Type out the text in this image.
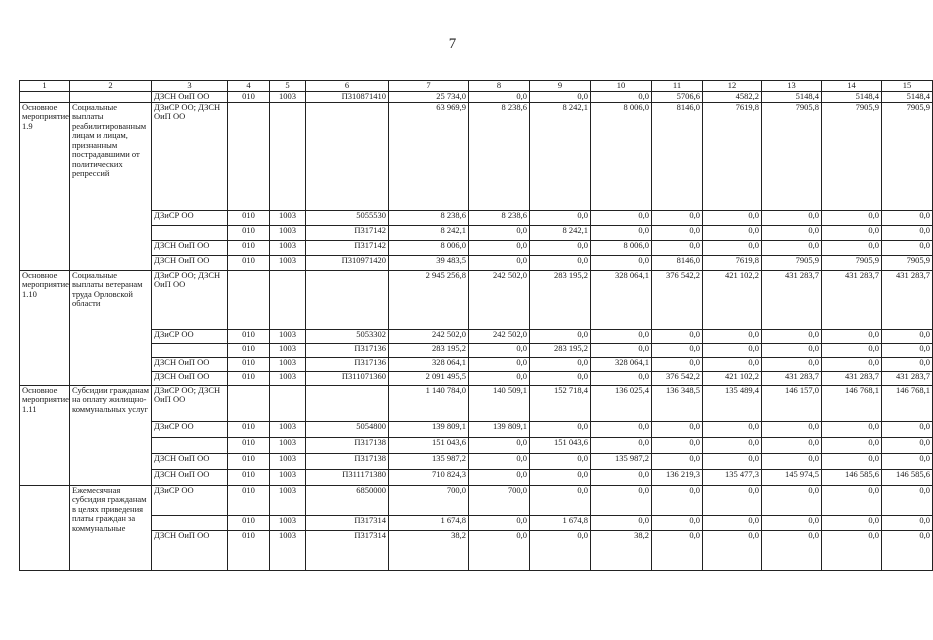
7
1	2	3	4	5	6	7	8	9	10	11	12	13	14	15
		ДЗСН ОиП ОО	010	1003	П310871410	25 734,0	0,0	0,0	0,0	5706,6	4582,2	5148,4	5148,4	5148,4
Основное мероприятие 1.9	Социальные выплаты реабилитированным лицам и лицам, признанным пострадавшими от политических репрессий	ДЗиСР ОО; ДЗСН ОиП ОО				63 969,9	8 238,6	8 242,1	8 006,0	8146,0	7619,8	7905,8	7905,9	7905,9
		ДЗиСР ОО	010	1003	5055530	8 238,6	8 238,6	0,0	0,0	0,0	0,0	0,0	0,0	0,0
			010	1003	П317142	8 242,1	0,0	8 242,1	0,0	0,0	0,0	0,0	0,0	0,0
		ДЗСН ОиП ОО	010	1003	П317142	8 006,0	0,0	0,0	8 006,0	0,0	0,0	0,0	0,0	0,0
		ДЗСН ОиП ОО	010	1003	П310971420	39 483,5	0,0	0,0	0,0	8146,0	7619,8	7905,9	7905,9	7905,9
Основное мероприятие 1.10	Социальные выплаты ветеранам труда Орловской области	ДЗиСР ОО; ДЗСН ОиП ОО				2 945 256,8	242 502,0	283 195,2	328 064,1	376 542,2	421 102,2	431 283,7	431 283,7	431 283,7
		ДЗиСР ОО	010	1003	5053302	242 502,0	242 502,0	0,0	0,0	0,0	0,0	0,0	0,0	0,0
			010	1003	П317136	283 195,2	0,0	283 195,2	0,0	0,0	0,0	0,0	0,0	0,0
		ДЗСН ОиП ОО	010	1003	П317136	328 064,1	0,0	0,0	328 064,1	0,0	0,0	0,0	0,0	0,0
		ДЗСН ОиП ОО	010	1003	П311071360	2 091 495,5	0,0	0,0	0,0	376 542,2	421 102,2	431 283,7	431 283,7	431 283,7
Основное мероприятие 1.11	Субсидии гражданам на оплату жилищно-коммунальных услуг	ДЗиСР ОО; ДЗСН ОиП ОО				1 140 784,0	140 509,1	152 718,4	136 025,4	136 348,5	135 489,4	146 157,0	146 768,1	146 768,1
		ДЗиСР ОО	010	1003	5054800	139 809,1	139 809,1	0,0	0,0	0,0	0,0	0,0	0,0	0,0
			010	1003	П317138	151 043,6	0,0	151 043,6	0,0	0,0	0,0	0,0	0,0	0,0
		ДЗСН ОиП ОО	010	1003	П317138	135 987,2	0,0	0,0	135 987,2	0,0	0,0	0,0	0,0	0,0
		ДЗСН ОиП ОО	010	1003	П311171380	710 824,3	0,0	0,0	0,0	136 219,3	135 477,3	145 974,5	146 585,6	146 585,6
	Ежемесячная субсидия гражданам в целях приведения платы граждан за коммунальные	ДЗиСР ОО	010	1003	6850000	700,0	700,0	0,0	0,0	0,0	0,0	0,0	0,0	0,0
			010	1003	П317314	1 674,8	0,0	1 674,8	0,0	0,0	0,0	0,0	0,0	0,0
		ДЗСН ОиП ОО	010	1003	П317314	38,2	0,0	0,0	38,2	0,0	0,0	0,0	0,0	0,0
